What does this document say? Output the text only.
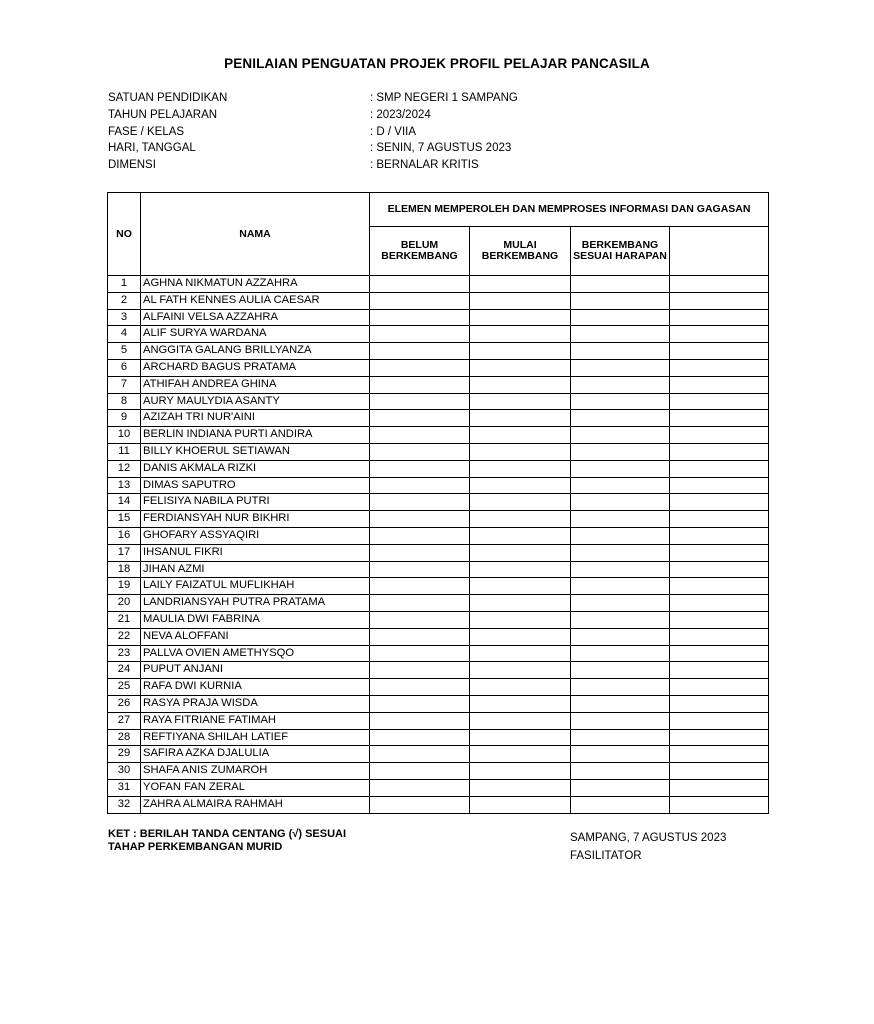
PENILAIAN PENGUATAN PROJEK PROFIL PELAJAR PANCASILA
SATUAN PENDIDIKAN	: SMP NEGERI 1 SAMPANG
TAHUN PELAJARAN	: 2023/2024
FASE / KELAS	: D / VIIA
HARI, TANGGAL	: SENIN, 7 AGUSTUS 2023
DIMENSI	: BERNALAR KRITIS
NO	NAMA	ELEMEN MEMPEROLEH DAN MEMPROSES INFORMASI DAN GAGASAN			
		BELUM BERKEMBANG	MULAI BERKEMBANG	BERKEMBANG SESUAI HARAPAN	
1	AGHNA NIKMATUN AZZAHRA				
2	AL FATH KENNES AULIA CAESAR				
3	ALFAINI VELSA AZZAHRA				
4	ALIF SURYA WARDANA				
5	ANGGITA GALANG BRILLYANZA				
6	ARCHARD BAGUS PRATAMA				
7	ATHIFAH ANDREA GHINA				
8	AURY MAULYDIA ASANTY				
9	AZIZAH TRI NUR'AINI				
10	BERLIN INDIANA PURTI ANDIRA				
11	BILLY KHOERUL SETIAWAN				
12	DANIS AKMALA RIZKI				
13	DIMAS SAPUTRO				
14	FELISIYA NABILA PUTRI				
15	FERDIANSYAH NUR BIKHRI				
16	GHOFARY ASSYAQIRI				
17	IHSANUL FIKRI				
18	JIHAN AZMI				
19	LAILY FAIZATUL MUFLIKHAH				
20	LANDRIANSYAH PUTRA PRATAMA				
21	MAULIA DWI FABRINA				
22	NEVA ALOFFANI				
23	PALLVA OVIEN AMETHYSQO				
24	PUPUT ANJANI				
25	RAFA DWI KURNIA				
26	RASYA PRAJA WISDA				
27	RAYA FITRIANE FATIMAH				
28	REFTIYANA SHILAH LATIEF				
29	SAFIRA AZKA DJALULIA				
30	SHAFA ANIS ZUMAROH				
31	YOFAN FAN ZERAL				
32	ZAHRA ALMAIRA RAHMAH				
KET : BERILAH TANDA CENTANG (√) SESUAI TAHAP PERKEMBANGAN MURID
SAMPANG, 7 AGUSTUS 2023
FASILITATOR
